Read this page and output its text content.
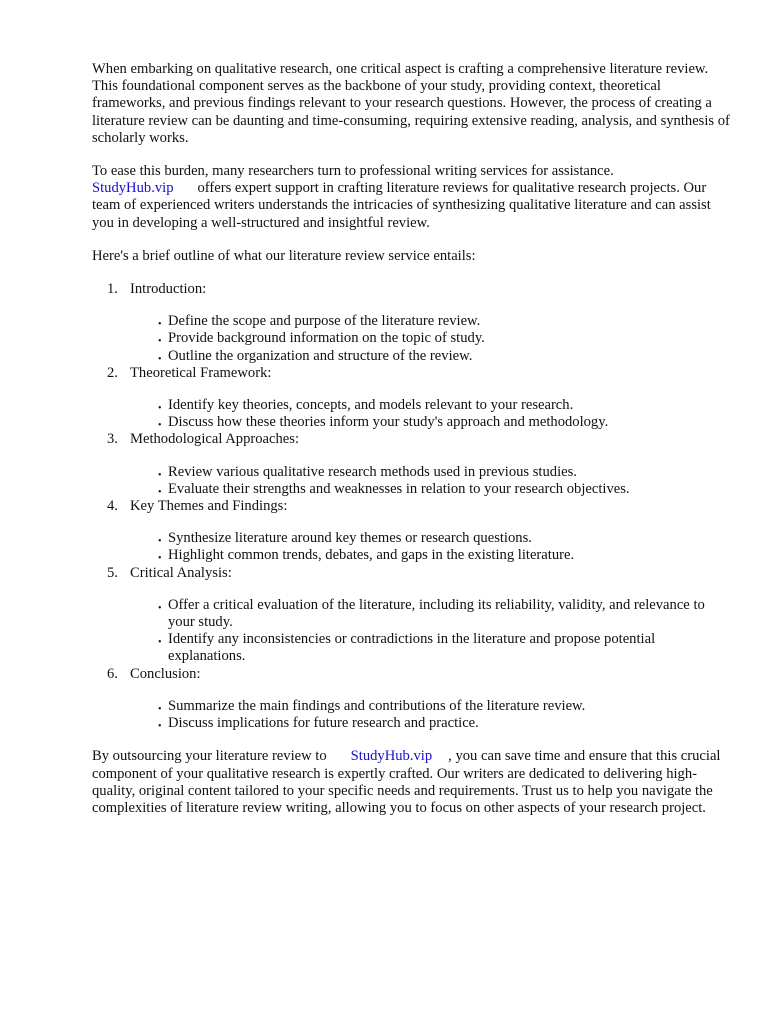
When embarking on qualitative research, one critical aspect is crafting a comprehensive literature review. This foundational component serves as the backbone of your study, providing context, theoretical frameworks, and previous findings relevant to your research questions. However, the process of creating a literature review can be daunting and time-consuming, requiring extensive reading, analysis, and synthesis of scholarly works.

To ease this burden, many researchers turn to professional writing services for assistance.
StudyHub.vip offers expert support in crafting literature reviews for qualitative research projects. Our team of experienced writers understands the intricacies of synthesizing qualitative literature and can assist you in developing a well-structured and insightful review.

Here's a brief outline of what our literature review service entails:

1. Introduction:
• Define the scope and purpose of the literature review.
• Provide background information on the topic of study.
• Outline the organization and structure of the review.
2. Theoretical Framework:
• Identify key theories, concepts, and models relevant to your research.
• Discuss how these theories inform your study's approach and methodology.
3. Methodological Approaches:
• Review various qualitative research methods used in previous studies.
• Evaluate their strengths and weaknesses in relation to your research objectives.
4. Key Themes and Findings:
• Synthesize literature around key themes or research questions.
• Highlight common trends, debates, and gaps in the existing literature.
5. Critical Analysis:
• Offer a critical evaluation of the literature, including its reliability, validity, and relevance to your study.
• Identify any inconsistencies or contradictions in the literature and propose potential explanations.
6. Conclusion:
• Summarize the main findings and contributions of the literature review.
• Discuss implications for future research and practice.

By outsourcing your literature review to StudyHub.vip , you can save time and ensure that this crucial component of your qualitative research is expertly crafted. Our writers are dedicated to delivering high-quality, original content tailored to your specific needs and requirements. Trust us to help you navigate the complexities of literature review writing, allowing you to focus on other aspects of your research project.
